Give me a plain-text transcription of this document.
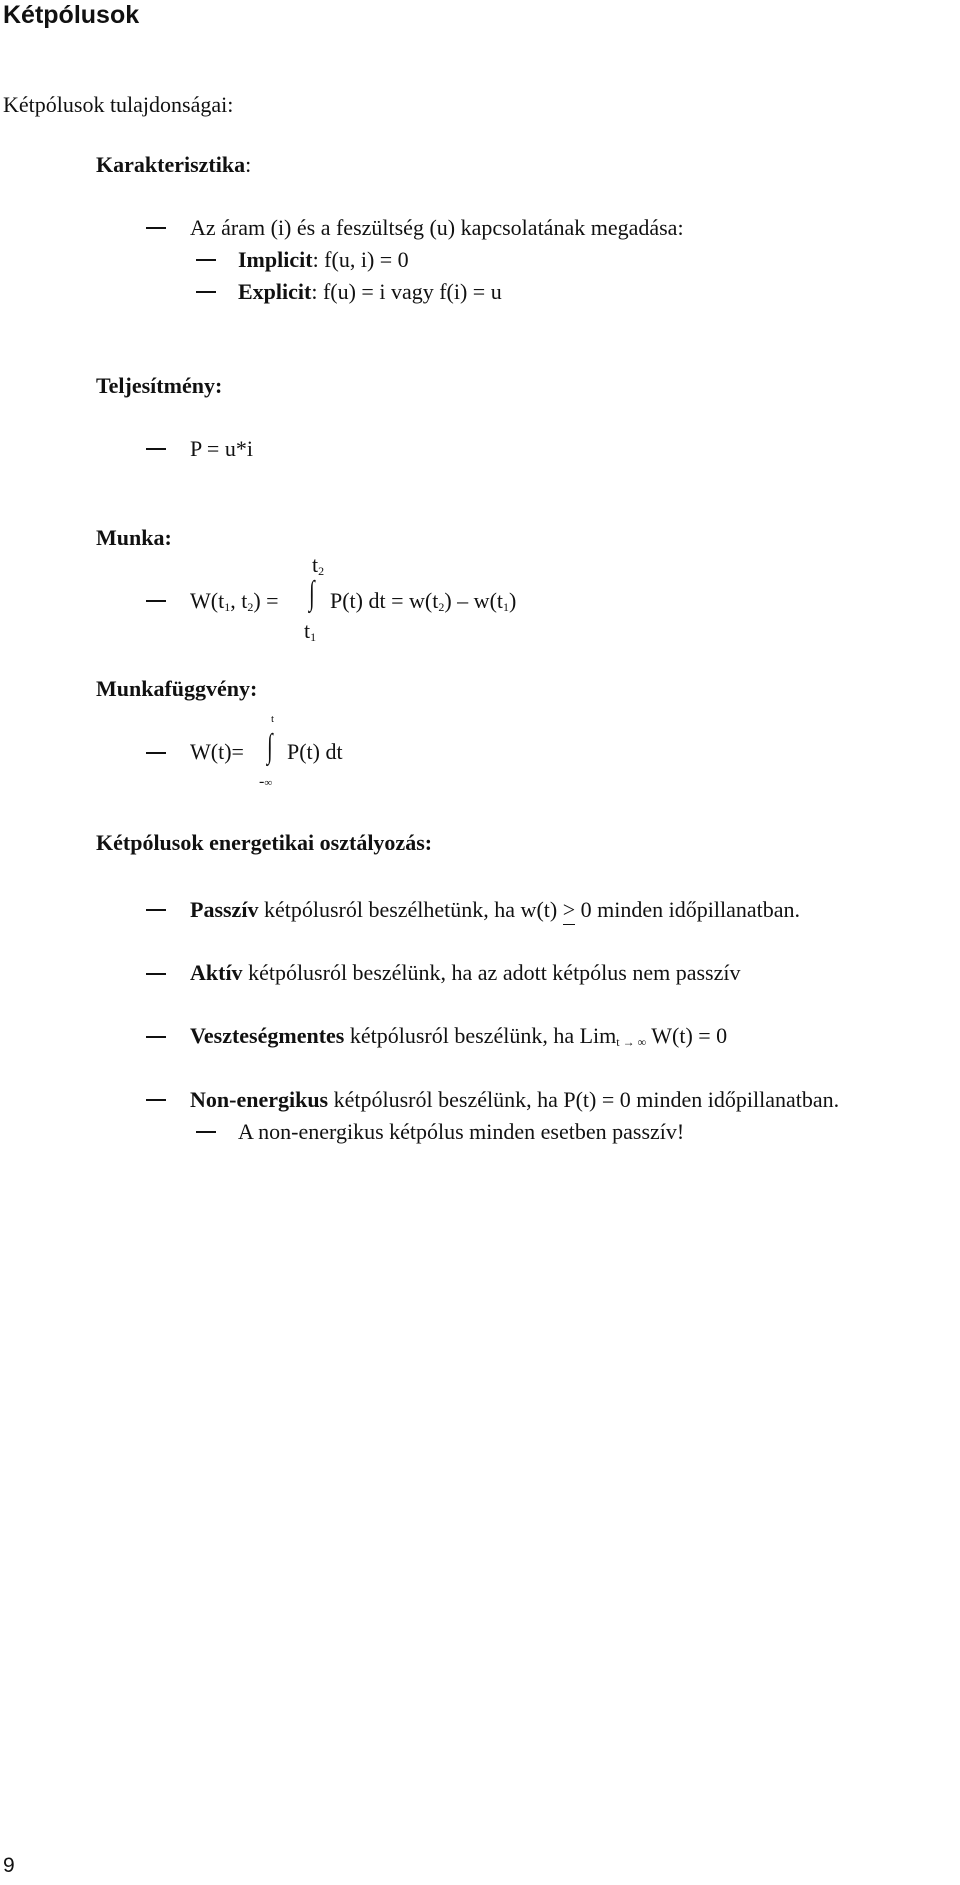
Kétpólusok
Kétpólusok tulajdonságai:
Karakterisztika:
Az áram (i) és a feszültség (u) kapcsolatának megadása:
Implicit: f(u, i) = 0
Explicit: f(u) = i vagy f(i) = u
Teljesítmény:
P = u*i
Munka:
$t_2$
$W(t_1$, $t_2$) = ∫ P(t) dt = $w(t_2) - w(t_1)$
$t_1$
Munkafüggvény:
t
W(t)= ∫ P(t) dt
-∞
Kétpólusok energetikai osztályozás:
Passzív kétpólusról beszélhetünk, ha w(t) > 0 minden időpillanatban.
Aktív kétpólusról beszélünk, ha az adott kétpólus nem passzív
Veszteségmentes kétpólusról beszélünk, ha Lim$_{t \to \infty}$ W(t) = 0
Non-energikus kétpólusról beszélünk, ha P(t) = 0 minden időpillanatban.
A non-energikus kétpólus minden esetben passzív!
9
